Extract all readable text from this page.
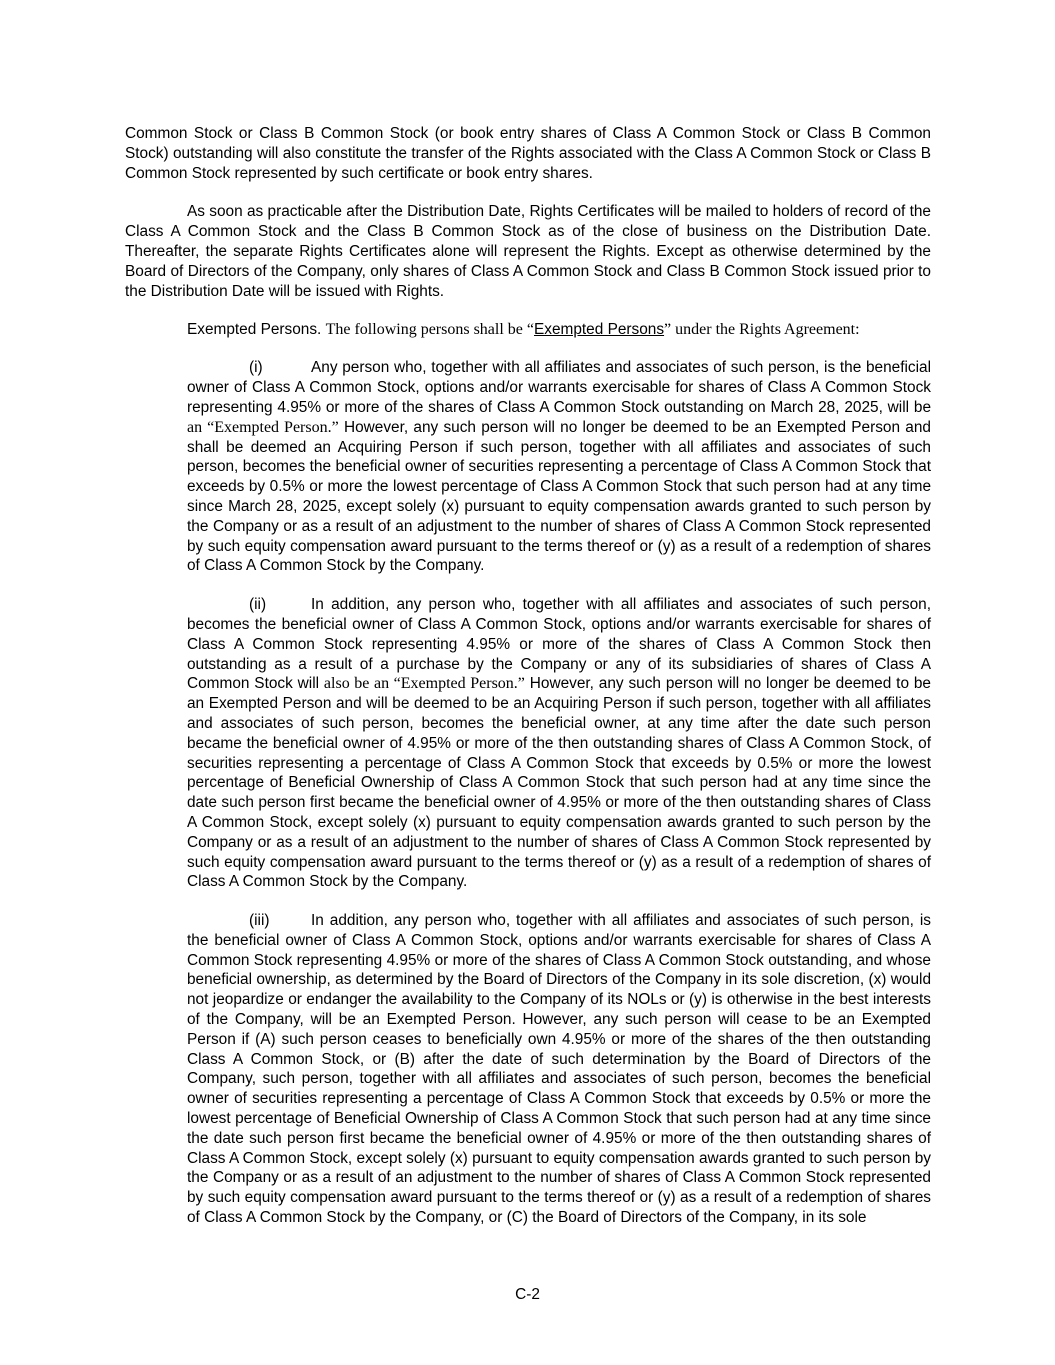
Common Stock or Class B Common Stock (or book entry shares of Class A Common Stock or Class B Common Stock) outstanding will also constitute the transfer of the Rights associated with the Class A Common Stock or Class B Common Stock represented by such certificate or book entry shares.

As soon as practicable after the Distribution Date, Rights Certificates will be mailed to holders of record of the Class A Common Stock and the Class B Common Stock as of the close of business on the Distribution Date. Thereafter, the separate Rights Certificates alone will represent the Rights. Except as otherwise determined by the Board of Directors of the Company, only shares of Class A Common Stock and Class B Common Stock issued prior to the Distribution Date will be issued with Rights.

Exempted Persons. The following persons shall be “Exempted Persons” under the Rights Agreement:

(i)	Any person who, together with all affiliates and associates of such person, is the beneficial owner of Class A Common Stock, options and/or warrants exercisable for shares of Class A Common Stock representing 4.95% or more of the shares of Class A Common Stock outstanding on March 28, 2025, will be an “Exempted Person.” However, any such person will no longer be deemed to be an Exempted Person and shall be deemed an Acquiring Person if such person, together with all affiliates and associates of such person, becomes the beneficial owner of securities representing a percentage of Class A Common Stock that exceeds by 0.5% or more the lowest percentage of Class A Common Stock that such person had at any time since March 28, 2025, except solely (x) pursuant to equity compensation awards granted to such person by the Company or as a result of an adjustment to the number of shares of Class A Common Stock represented by such equity compensation award pursuant to the terms thereof or (y) as a result of a redemption of shares of Class A Common Stock by the Company.

(ii)	In addition, any person who, together with all affiliates and associates of such person, becomes the beneficial owner of Class A Common Stock, options and/or warrants exercisable for shares of Class A Common Stock representing 4.95% or more of the shares of Class A Common Stock then outstanding as a result of a purchase by the Company or any of its subsidiaries of shares of Class A Common Stock will also be an “Exempted Person.” However, any such person will no longer be deemed to be an Exempted Person and will be deemed to be an Acquiring Person if such person, together with all affiliates and associates of such person, becomes the beneficial owner, at any time after the date such person became the beneficial owner of 4.95% or more of the then outstanding shares of Class A Common Stock, of securities representing a percentage of Class A Common Stock that exceeds by 0.5% or more the lowest percentage of Beneficial Ownership of Class A Common Stock that such person had at any time since the date such person first became the beneficial owner of 4.95% or more of the then outstanding shares of Class A Common Stock, except solely (x) pursuant to equity compensation awards granted to such person by the Company or as a result of an adjustment to the number of shares of Class A Common Stock represented by such equity compensation award pursuant to the terms thereof or (y) as a result of a redemption of shares of Class A Common Stock by the Company.

(iii)	In addition, any person who, together with all affiliates and associates of such person, is the beneficial owner of Class A Common Stock, options and/or warrants exercisable for shares of Class A Common Stock representing 4.95% or more of the shares of Class A Common Stock outstanding, and whose beneficial ownership, as determined by the Board of Directors of the Company in its sole discretion, (x) would not jeopardize or endanger the availability to the Company of its NOLs or (y) is otherwise in the best interests of the Company, will be an Exempted Person. However, any such person will cease to be an Exempted Person if (A) such person ceases to beneficially own 4.95% or more of the shares of the then outstanding Class A Common Stock, or (B) after the date of such determination by the Board of Directors of the Company, such person, together with all affiliates and associates of such person, becomes the beneficial owner of securities representing a percentage of Class A Common Stock that exceeds by 0.5% or more the lowest percentage of Beneficial Ownership of Class A Common Stock that such person had at any time since the date such person first became the beneficial owner of 4.95% or more of the then outstanding shares of Class A Common Stock, except solely (x) pursuant to equity compensation awards granted to such person by the Company or as a result of an adjustment to the number of shares of Class A Common Stock represented by such equity compensation award pursuant to the terms thereof or (y) as a result of a redemption of shares of Class A Common Stock by the Company, or (C) the Board of Directors of the Company, in its sole

C-2
